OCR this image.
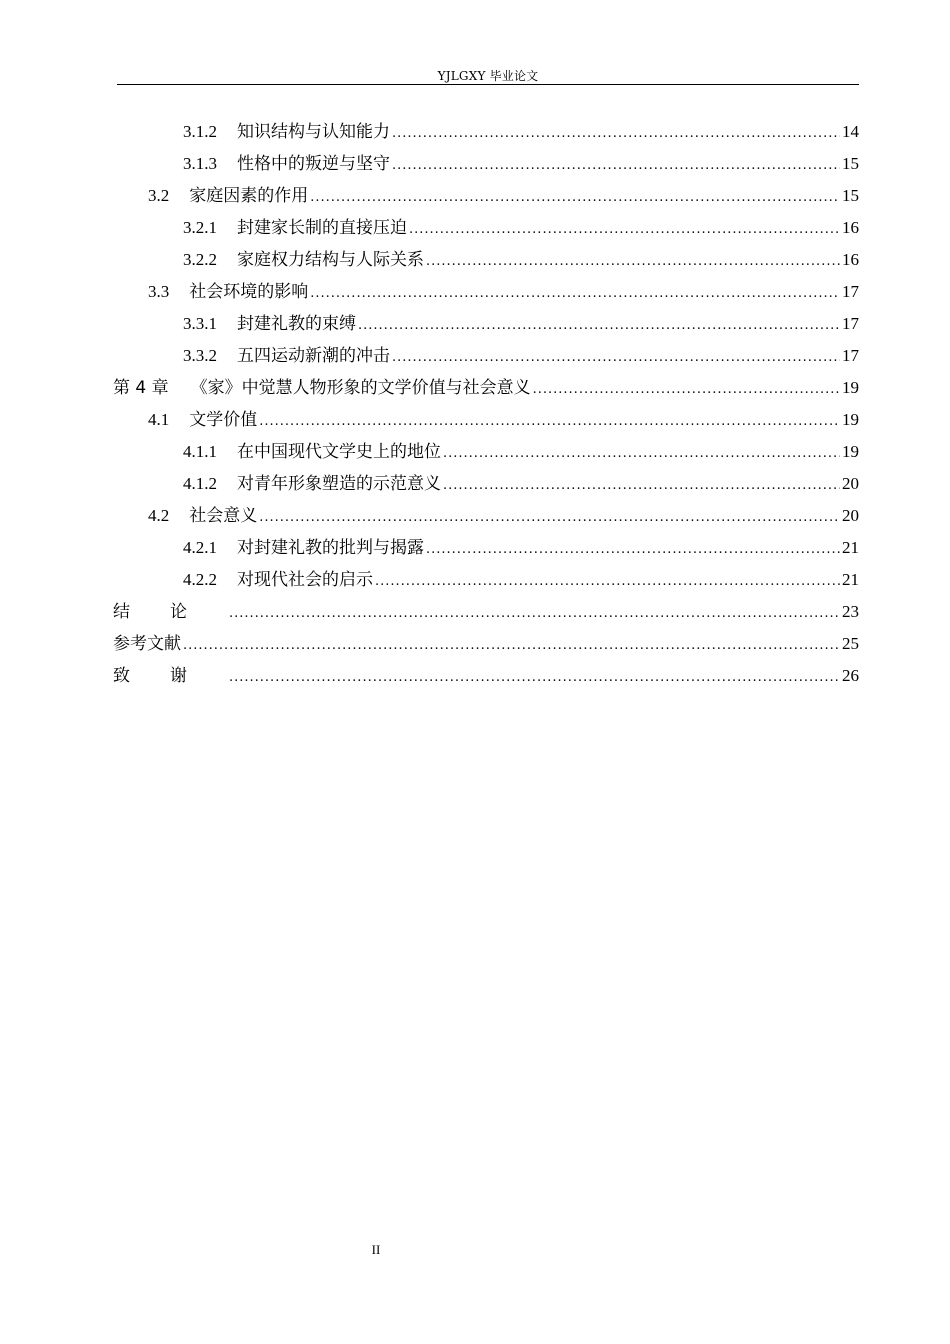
YJLGXY 毕业论文
3.1.2	知识结构与认知能力 .....	14
3.1.3	性格中的叛逆与坚守 .....	15
3.2	家庭因素的作用 .....	15
3.2.1	封建家长制的直接压迫 .....	16
3.2.2	家庭权力结构与人际关系 .....	16
3.3	社会环境的影响 .....	17
3.3.1	封建礼教的束缚 .....	17
3.3.2	五四运动新潮的冲击 .....	17
第 4 章	《家》中觉慧人物形象的文学价值与社会意义 .....	19
4.1	文学价值 .....	19
4.1.1	在中国现代文学史上的地位 .....	19
4.1.2	对青年形象塑造的示范意义 .....	20
4.2	社会意义 .....	20
4.2.1	对封建礼教的批判与揭露 .....	21
4.2.2	对现代社会的启示 .....	21
结论 .....	23
参考文献 .....	25
致谢 .....	26
II
